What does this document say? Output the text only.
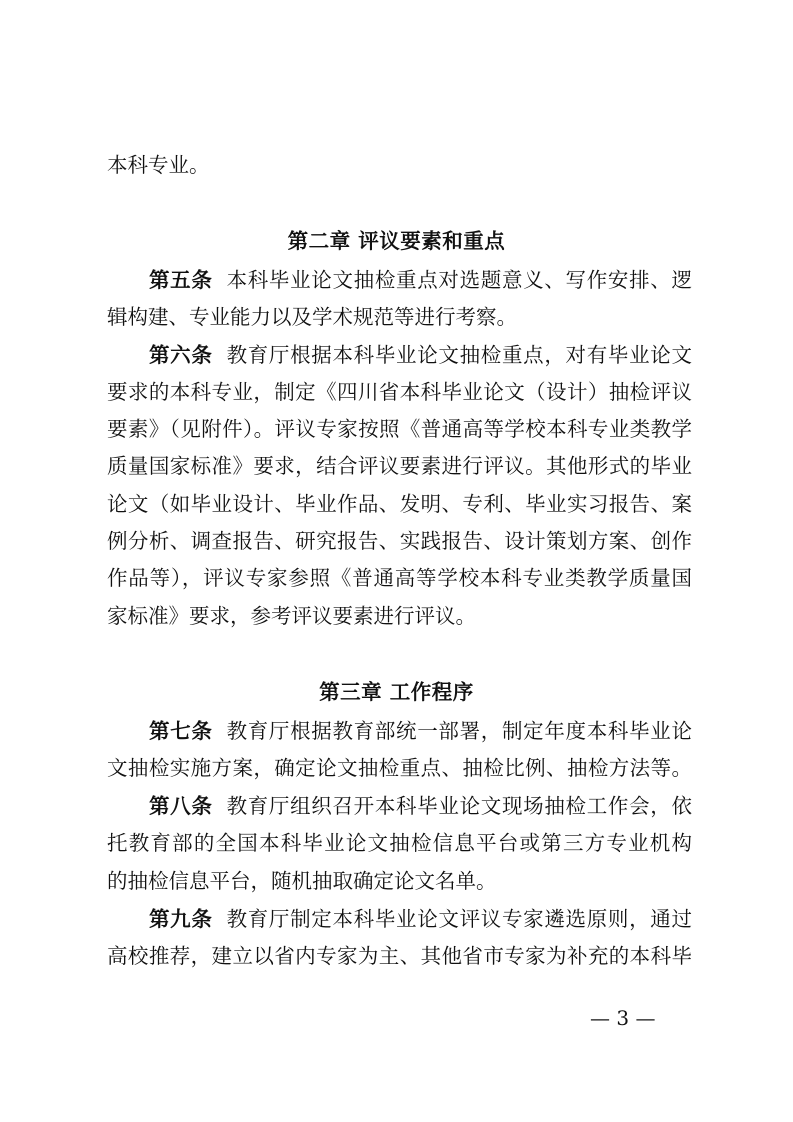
本科专业。
第二章 评议要素和重点
第五条 本科毕业论文抽检重点对选题意义、写作安排、逻
辑构建、专业能力以及学术规范等进行考察。
第六条 教育厅根据本科毕业论文抽检重点，对有毕业论文
要求的本科专业，制定《四川省本科毕业论文（设计）抽检评议
要素》（见附件）。评议专家按照《普通高等学校本科专业类教学
质量国家标准》要求，结合评议要素进行评议。其他形式的毕业
论文（如毕业设计、毕业作品、发明、专利、毕业实习报告、案
例分析、调查报告、研究报告、实践报告、设计策划方案、创作
作品等），评议专家参照《普通高等学校本科专业类教学质量国
家标准》要求，参考评议要素进行评议。
第三章 工作程序
第七条 教育厅根据教育部统一部署，制定年度本科毕业论
文抽检实施方案，确定论文抽检重点、抽检比例、抽检方法等。
第八条 教育厅组织召开本科毕业论文现场抽检工作会，依
托教育部的全国本科毕业论文抽检信息平台或第三方专业机构
的抽检信息平台，随机抽取确定论文名单。
第九条 教育厅制定本科毕业论文评议专家遴选原则，通过
高校推荐，建立以省内专家为主、其他省市专家为补充的本科毕
— 3 —
